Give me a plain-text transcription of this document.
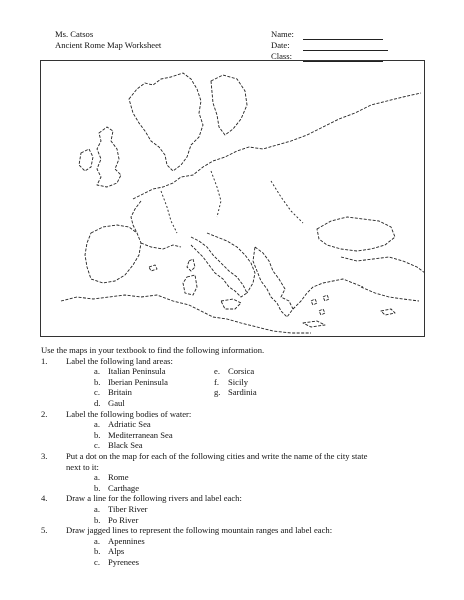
Ms. Catsos
Ancient Rome Map Worksheet
Name:
Date:
Class:
Use the maps in your textbook to find the following information.
1.	Label the following land areas:
a. Italian Peninsula
b. Iberian Peninsula
c. Britain
d. Gaul
e. Corsica
f.	Sicily
g. Sardinia
2.	Label the following bodies of water:
a. Adriatic Sea
b. Mediterranean Sea
c. Black Sea
3.	Put a dot on the map for each of the following cities and write the name of the city state
next to it:
a. Rome
b. Carthage
4.	Draw a line for the following rivers and label each:
a. Tiber River
b. Po River
5.	Draw jagged lines to represent the following mountain ranges and label each:
a. Apennines
b. Alps
c. Pyrenees
